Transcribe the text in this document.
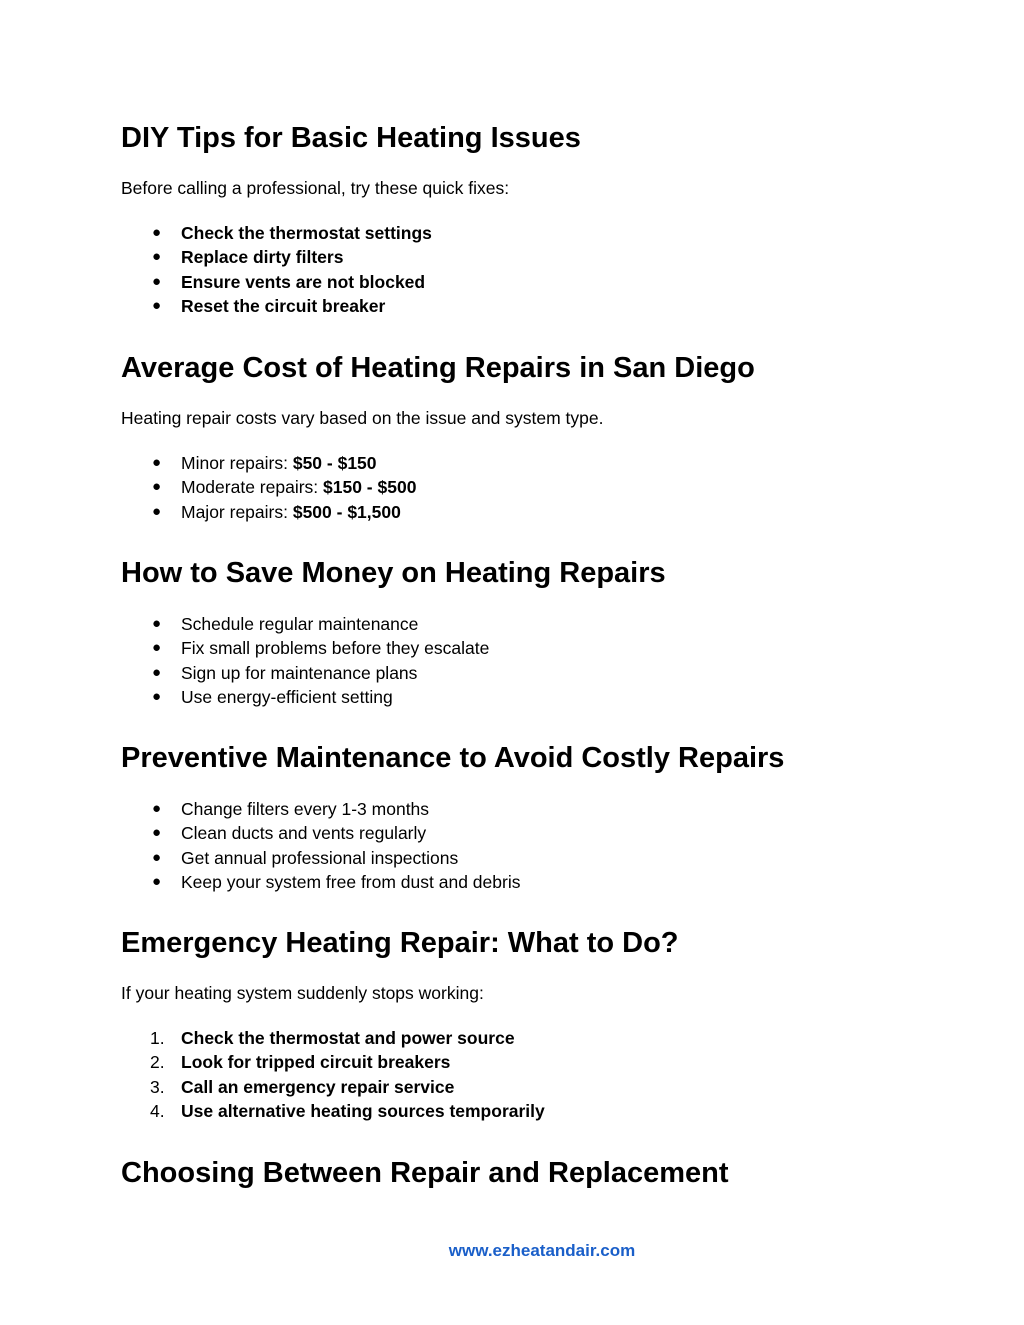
DIY Tips for Basic Heating Issues

Before calling a professional, try these quick fixes:

●	Check the thermostat settings
●	Replace dirty filters
●	Ensure vents are not blocked
●	Reset the circuit breaker
Average Cost of Heating Repairs in San Diego

Heating repair costs vary based on the issue and system type.

●	Minor repairs: $50 - $150
●	Moderate repairs: $150 - $500
●	Major repairs: $500 - $1,500
How to Save Money on Heating Repairs
●	Schedule regular maintenance
●	Fix small problems before they escalate
●	Sign up for maintenance plans
●	Use energy-efficient setting
Preventive Maintenance to Avoid Costly Repairs
●	Change filters every 1-3 months
●	Clean ducts and vents regularly
●	Get annual professional inspections
●	Keep your system free from dust and debris
Emergency Heating Repair: What to Do?

If your heating system suddenly stops working:

1. Check the thermostat and power source
2. Look for tripped circuit breakers
3. Call an emergency repair service
4. Use alternative heating sources temporarily
Choosing Between Repair and Replacement
www.ezheatandair.com
